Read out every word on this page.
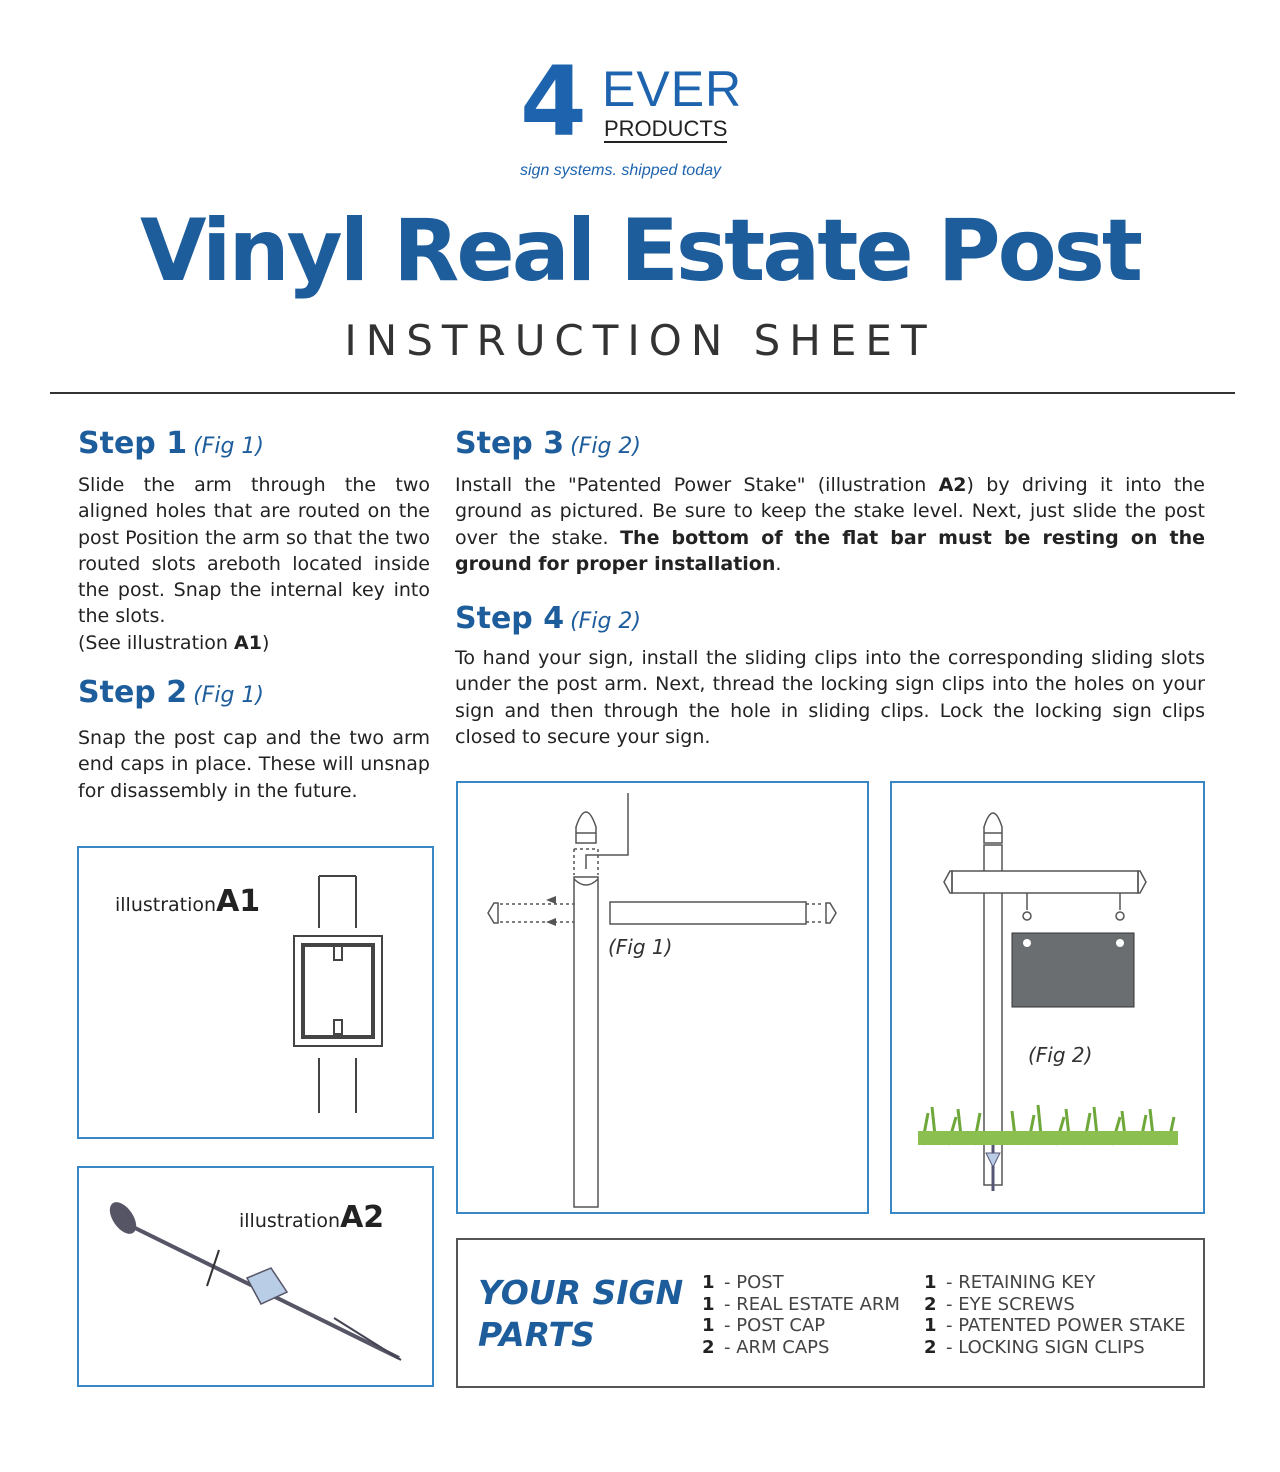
4 EVER
PRODUCTS
sign systems. shipped today
Vinyl Real Estate Post
INSTRUCTION SHEET
Step 1 (Fig 1)
Slide the arm through the two aligned holes that are routed on the post Position the arm so that the two routed slots areboth located inside the post. Snap the internal key into the slots.
(See illustration A1)
Step 2 (Fig 1)
Snap the post cap and the two arm end caps in place. These will unsnap for disassembly in the future.
Step 3 (Fig 2)
Install the "Patented Power Stake" (illustration A2) by driving it into the ground as pictured. Be sure to keep the stake level. Next, just slide the post over the stake. The bottom of the flat bar must be resting on the ground for proper installation.
Step 4 (Fig 2)
To hand your sign, install the sliding clips into the corresponding sliding slots under the post arm. Next, thread the locking sign clips into the holes on your sign and then through the hole in sliding clips. Lock the locking sign clips closed to secure your sign.
illustrationA1
illustrationA2
(Fig 1)
(Fig 2)
YOUR SIGN
PARTS
1 - POST
1 - REAL ESTATE ARM
1 - POST CAP
2 - ARM CAPS
1 - RETAINING KEY
2 - EYE SCREWS
1 - PATENTED POWER STAKE
2 - LOCKING SIGN CLIPS
